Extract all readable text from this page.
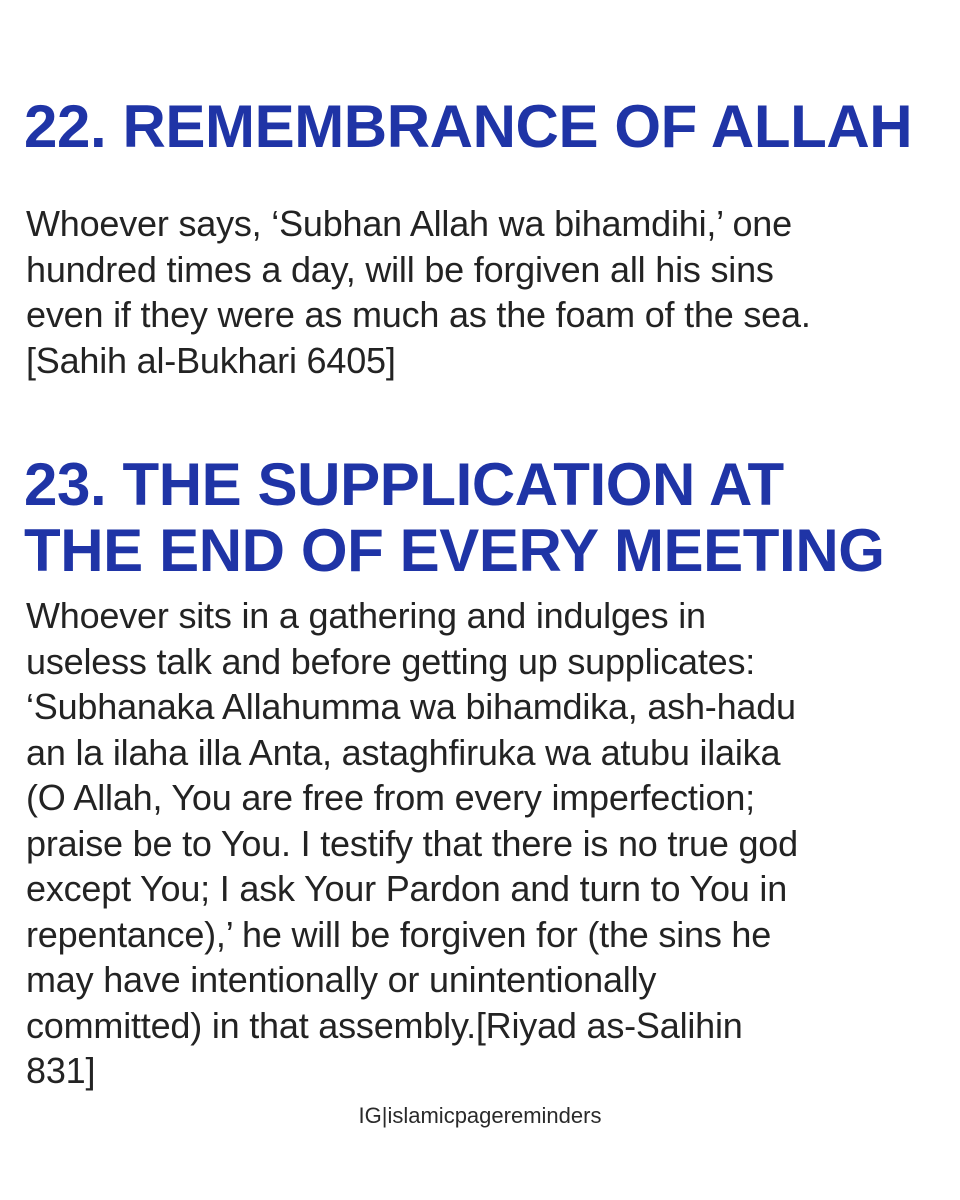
22. REMEMBRANCE OF ALLAH

Whoever says, ‘Subhan Allah wa bihamdihi,’ one
hundred times a day, will be forgiven all his sins
even if they were as much as the foam of the sea.
[Sahih al-Bukhari 6405]

23. THE SUPPLICATION AT
THE END OF EVERY MEETING

Whoever sits in a gathering and indulges in
useless talk and before getting up supplicates:
‘Subhanaka Allahumma wa bihamdika, ash-hadu
an la ilaha illa Anta, astaghfiruka wa atubu ilaika
(O Allah, You are free from every imperfection;
praise be to You. I testify that there is no true god
except You; I ask Your Pardon and turn to You in
repentance),’ he will be forgiven for (the sins he
may have intentionally or unintentionally
committed) in that assembly.[Riyad as-Salihin
831]

IG|islamicpagereminders
